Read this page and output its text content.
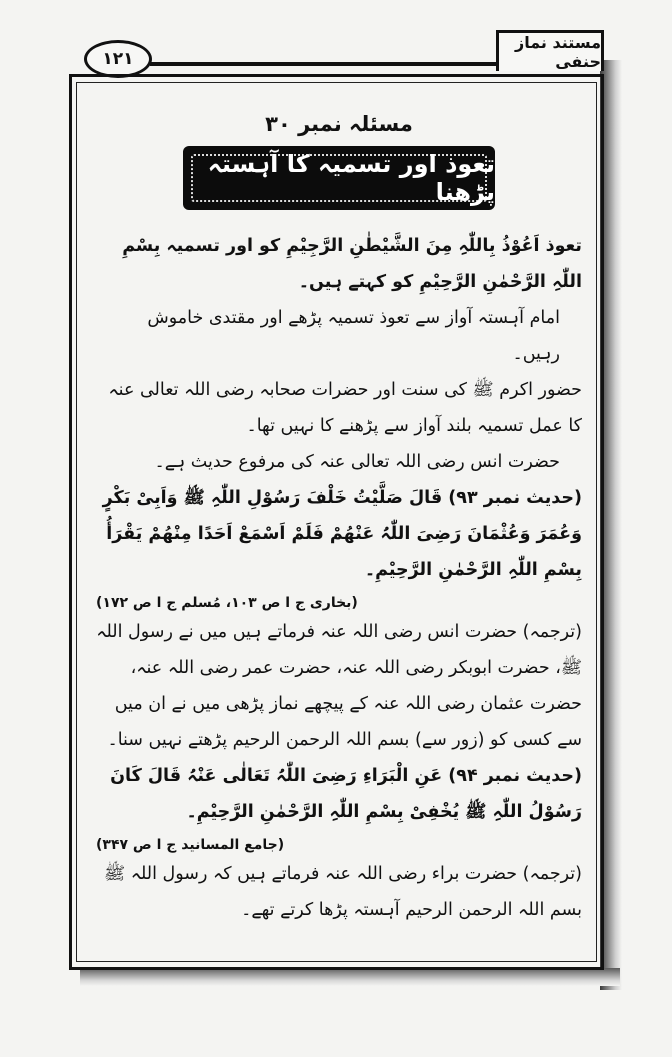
۱۲۱
مستند نماز حنفی
مسئلہ نمبر ۳۰
تعوذ اور تسمیہ کا آہستہ پڑھنا

تعوذ اَعُوْذُ بِاللّٰہِ مِنَ الشَّیْطٰنِ الرَّجِیْمِ کو اور تسمیہ بِسْمِ اللّٰہِ الرَّحْمٰنِ الرَّحِیْمِ کو کہتے ہیں۔

امام آہستہ آواز سے تعوذ تسمیہ پڑھے اور مقتدی خاموش رہیں۔

حضور اکرم ﷺ کی سنت اور حضرات صحابہ رضی اللہ تعالی عنہ کا عمل تسمیہ بلند آواز سے پڑھنے کا نہیں تھا۔

حضرت انس رضی اللہ تعالی عنہ کی مرفوع حدیث ہے۔

(حدیث نمبر ۹۳) قَالَ صَلَّیْتُ خَلْفَ رَسُوْلِ اللّٰہِ ﷺ وَاَبِیْ بَکْرٍ وَعُمَرَ وَعُثْمَانَ رَضِیَ اللّٰہُ عَنْھُمْ فَلَمْ اَسْمَعْ اَحَدًا مِنْھُمْ یَقْرَأُ بِسْمِ اللّٰہِ الرَّحْمٰنِ الرَّحِیْمِ۔

(بخاری ج ا ص ۱۰۳، مُسلم ج ا ص ۱۷۲)

(ترجمہ) حضرت انس رضی اللہ عنہ فرماتے ہیں میں نے رسول اللہ ﷺ، حضرت ابوبکر رضی اللہ عنہ، حضرت عمر رضی اللہ عنہ، حضرت عثمان رضی اللہ عنہ کے پیچھے نماز پڑھی میں نے ان میں سے کسی کو (زور سے) بسم اللہ الرحمن الرحیم پڑھتے نہیں سنا۔

(حدیث نمبر ۹۴) عَنِ الْبَرَاءِ رَضِیَ اللّٰہُ تَعَالٰی عَنْہُ قَالَ کَانَ رَسُوْلُ اللّٰہِ ﷺ یُخْفِیْ بِسْمِ اللّٰہِ الرَّحْمٰنِ الرَّحِیْمِ۔

(جامع المسانید ج ا ص ۳۴۷)

(ترجمہ) حضرت براء رضی اللہ عنہ فرماتے ہیں کہ رسول اللہ ﷺ بسم اللہ الرحمن الرحیم آہستہ پڑھا کرتے تھے۔
